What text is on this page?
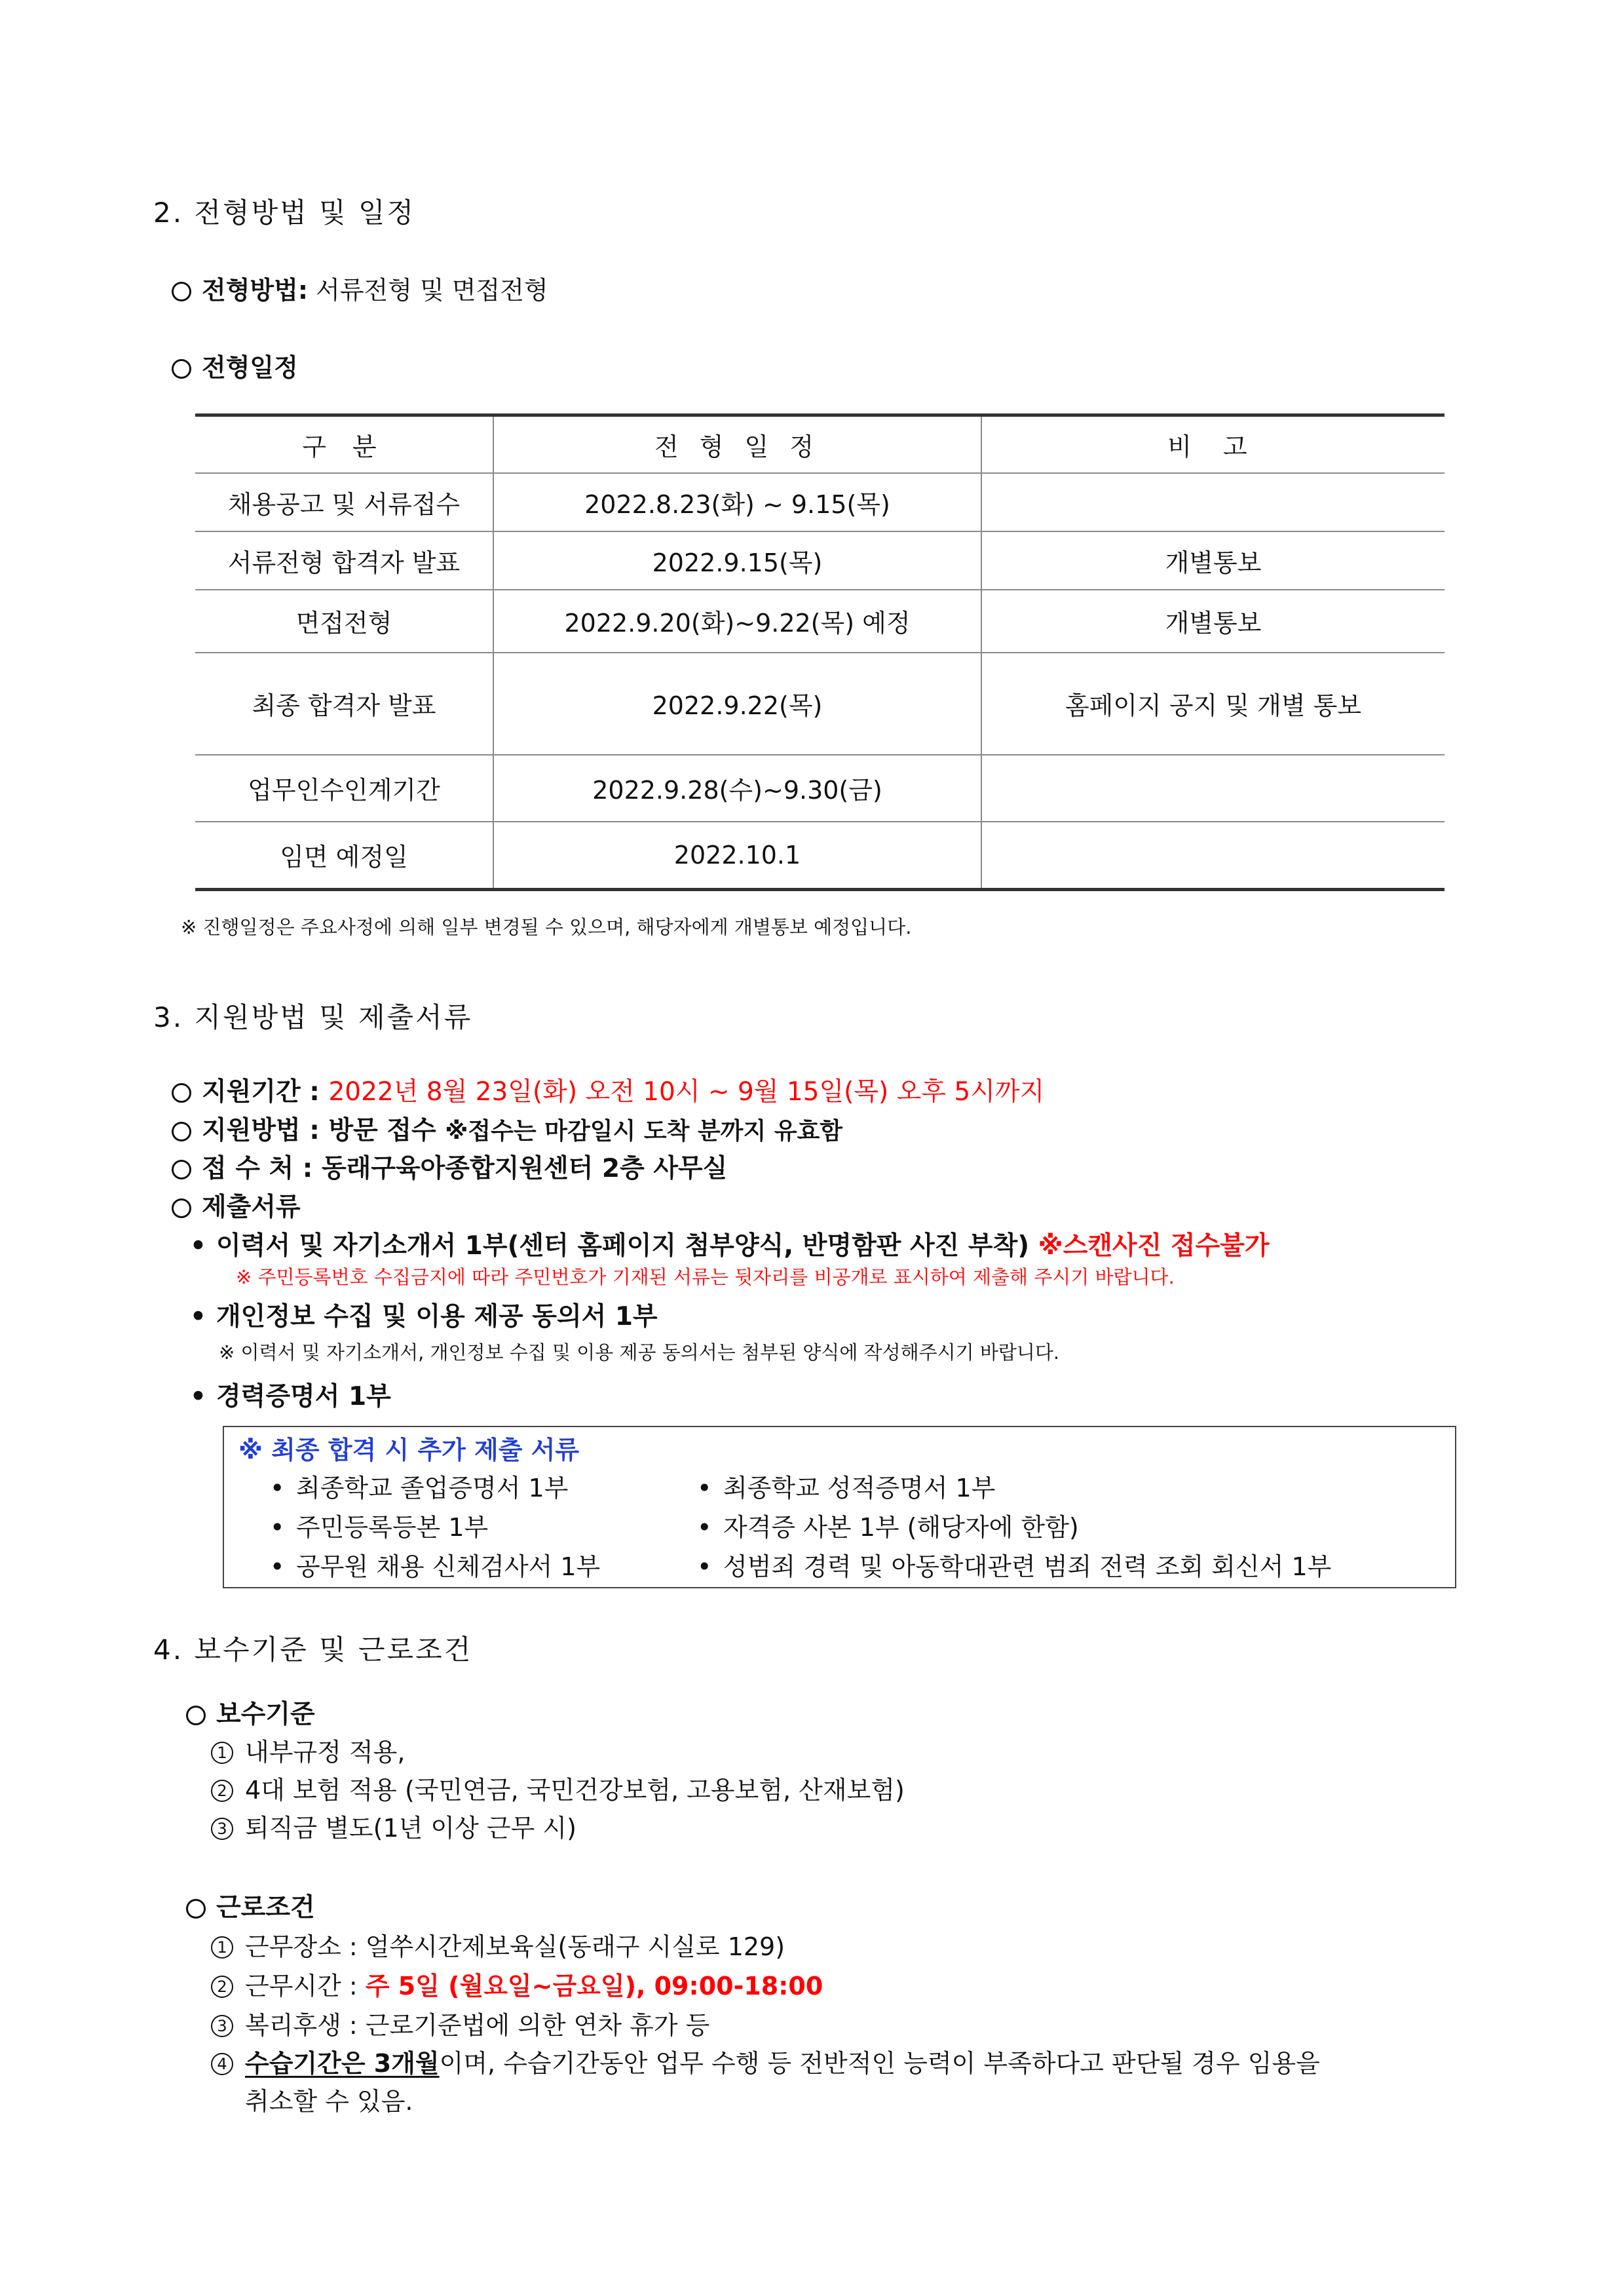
2. 전형방법 및 일정
전형방법: 서류전형 및 면접전형
전형일정
구 분	전 형 일 정	비 고
채용공고 및 서류접수	2022.8.23(화) ~ 9.15(목)	
서류전형 합격자 발표	2022.9.15(목)	개별통보
면접전형	2022.9.20(화)~9.22(목) 예정	개별통보
최종 합격자 발표	2022.9.22(목)	홈페이지 공지 및 개별 통보
업무인수인계기간	2022.9.28(수)~9.30(금)	
임면 예정일	2022.10.1	
※ 진행일정은 주요사정에 의해 일부 변경될 수 있으며, 해당자에게 개별통보 예정입니다.
3. 지원방법 및 제출서류
지원기간 : 2022년 8월 23일(화) 오전 10시 ~ 9월 15일(목) 오후 5시까지
지원방법 : 방문 접수 ※접수는 마감일시 도착 분까지 유효함
접 수 처 : 동래구육아종합지원센터 2층 사무실
제출서류
• 이력서 및 자기소개서 1부(센터 홈페이지 첨부양식, 반명함판 사진 부착) ※스캔사진 접수불가
※ 주민등록번호 수집금지에 따라 주민번호가 기재된 서류는 뒷자리를 비공개로 표시하여 제출해 주시기 바랍니다.
• 개인정보 수집 및 이용 제공 동의서 1부
※ 이력서 및 자기소개서, 개인정보 수집 및 이용 제공 동의서는 첨부된 양식에 작성해주시기 바랍니다.
• 경력증명서 1부
※ 최종 합격 시 추가 제출 서류
• 최종학교 졸업증명서 1부	• 최종학교 성적증명서 1부
• 주민등록등본 1부	• 자격증 사본 1부 (해당자에 한함)
• 공무원 채용 신체검사서 1부	• 성범죄 경력 및 아동학대관련 범죄 전력 조회 회신서 1부
4. 보수기준 및 근로조건
보수기준
1 내부규정 적용,
2 4대 보험 적용 (국민연금, 국민건강보험, 고용보험, 산재보험)
3 퇴직금 별도(1년 이상 근무 시)
근로조건
1 근무장소 : 얼쑤시간제보육실(동래구 시실로 129)
2 근무시간 : 주 5일 (월요일~금요일), 09:00-18:00
3 복리후생 : 근로기준법에 의한 연차 휴가 등
4 수습기간은 3개월이며, 수습기간동안 업무 수행 등 전반적인 능력이 부족하다고 판단될 경우 임용을
취소할 수 있음.
